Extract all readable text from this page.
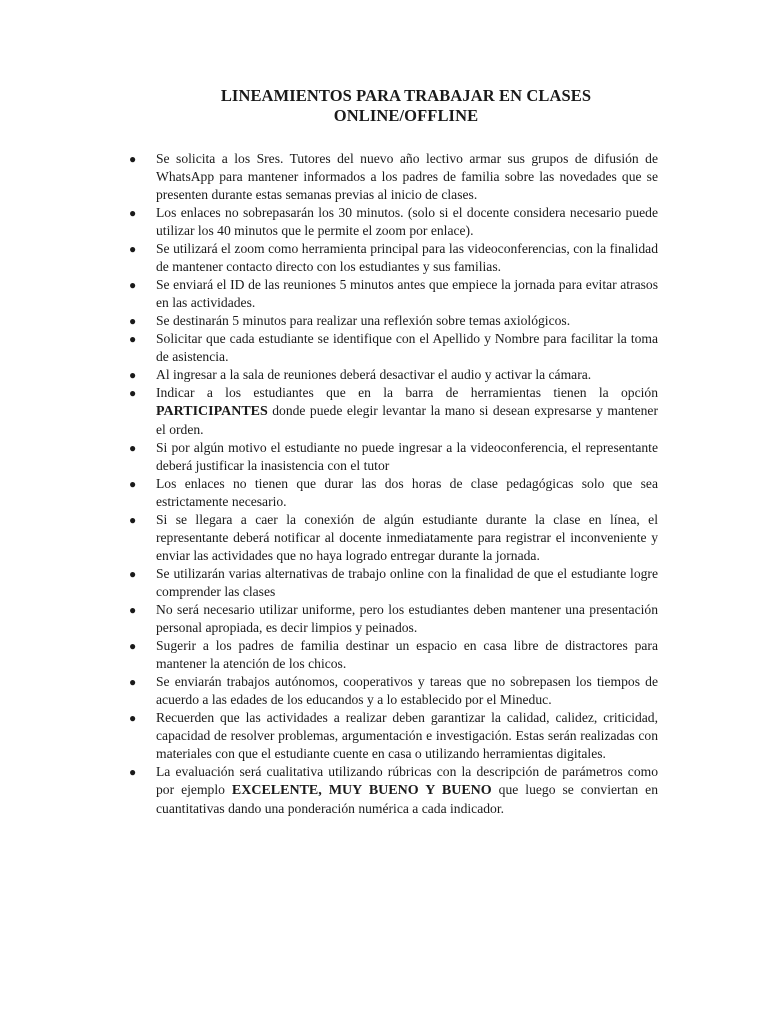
LINEAMIENTOS PARA TRABAJAR EN CLASES
ONLINE/OFFLINE
● Se solicita a los Sres. Tutores del nuevo año lectivo armar sus grupos de difusión de WhatsApp para mantener informados a los padres de familia sobre las novedades que se presenten durante estas semanas previas al inicio de clases.
● Los enlaces no sobrepasarán los 30 minutos. (solo si el docente considera necesario puede utilizar los 40 minutos que le permite el zoom por enlace).
● Se utilizará el zoom como herramienta principal para las videoconferencias, con la finalidad de mantener contacto directo con los estudiantes y sus familias.
● Se enviará el ID de las reuniones 5 minutos antes que empiece la jornada para evitar atrasos en las actividades.
● Se destinarán 5 minutos para realizar una reflexión sobre temas axiológicos.
● Solicitar que cada estudiante se identifique con el Apellido y Nombre para facilitar la toma de asistencia.
● Al ingresar a la sala de reuniones deberá desactivar el audio y activar la cámara.
● Indicar a los estudiantes que en la barra de herramientas tienen la opción PARTICIPANTES donde puede elegir levantar la mano si desean expresarse y mantener el orden.
● Si por algún motivo el estudiante no puede ingresar a la videoconferencia, el representante deberá justificar la inasistencia con el tutor
● Los enlaces no tienen que durar las dos horas de clase pedagógicas solo que sea estrictamente necesario.
● Si se llegara a caer la conexión de algún estudiante durante la clase en línea, el representante deberá notificar al docente inmediatamente para registrar el inconveniente y enviar las actividades que no haya logrado entregar durante la jornada.
● Se utilizarán varias alternativas de trabajo online con la finalidad de que el estudiante logre comprender las clases
● No será necesario utilizar uniforme, pero los estudiantes deben mantener una presentación personal apropiada, es decir limpios y peinados.
● Sugerir a los padres de familia destinar un espacio en casa libre de distractores para mantener la atención de los chicos.
● Se enviarán trabajos autónomos, cooperativos y tareas que no sobrepasen los tiempos de acuerdo a las edades de los educandos y a lo establecido por el Mineduc.
● Recuerden que las actividades a realizar deben garantizar la calidad, calidez, criticidad, capacidad de resolver problemas, argumentación e investigación. Estas serán realizadas con materiales con que el estudiante cuente en casa o utilizando herramientas digitales.
● La evaluación será cualitativa utilizando rúbricas con la descripción de parámetros como por ejemplo EXCELENTE, MUY BUENO Y BUENO que luego se conviertan en cuantitativas dando una ponderación numérica a cada indicador.
